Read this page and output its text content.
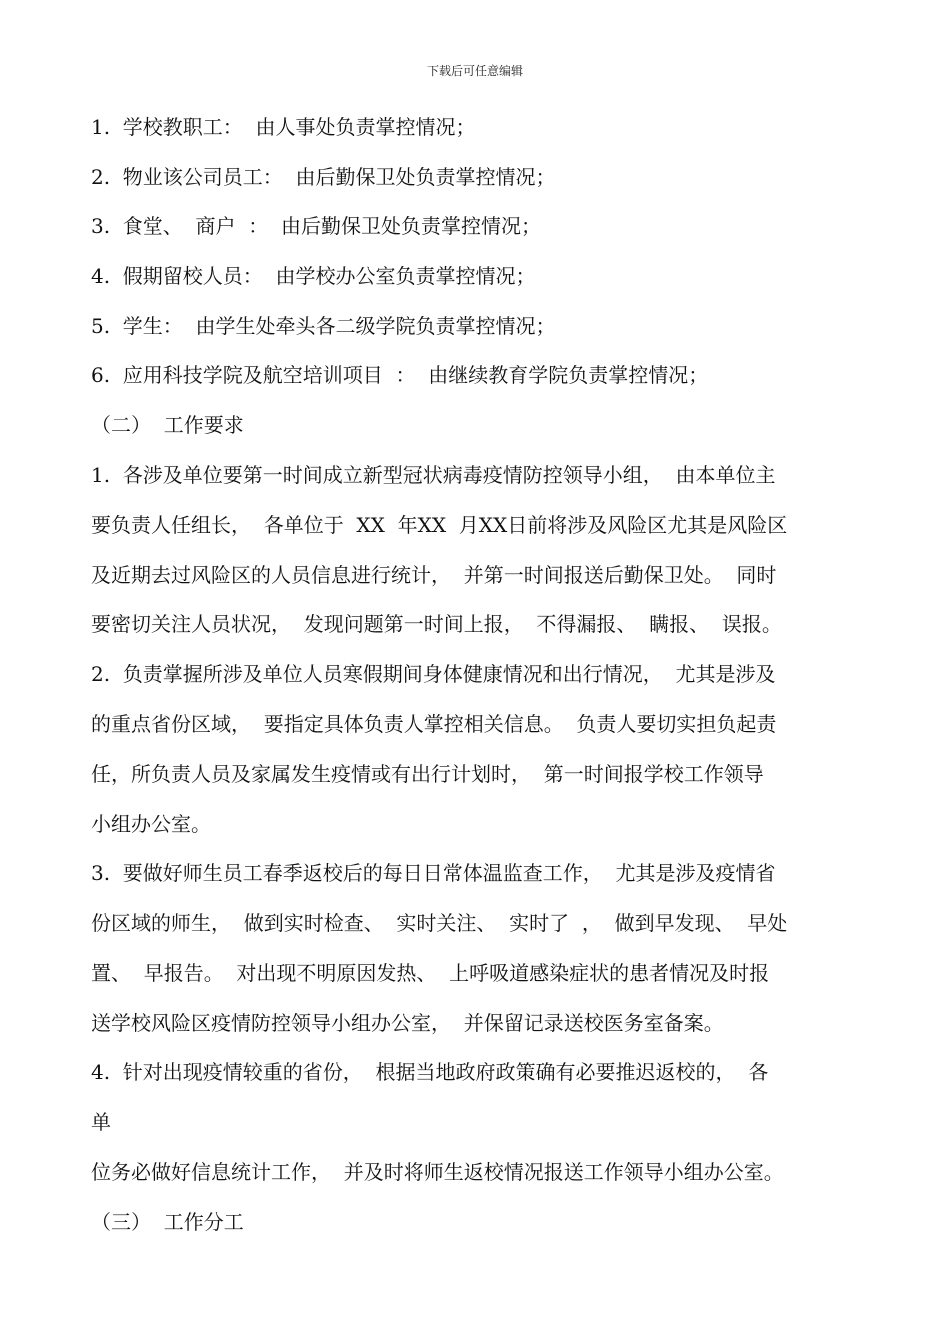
下载后可任意编辑
1.  学校教职工：  由人事处负责掌控情况；
2.  物业该公司员工：  由后勤保卫处负责掌控情况；
3.  食堂、  商户  ：  由后勤保卫处负责掌控情况；
4.  假期留校人员：  由学校办公室负责掌控情况；
5.  学生：  由学生处牵头各二级学院负责掌控情况；
6.  应用科技学院及航空培训项目  ：  由继续教育学院负责掌控情况；
（二）  工作要求
1.  各涉及单位要第一时间成立新型冠状病毒疫情防控领导小组，  由本单位主
要负责人任组长，  各单位于  XX  年XX  月XX日前将涉及风险区尤其是风险区
及近期去过风险区的人员信息进行统计，  并第一时间报送后勤保卫处。  同时
要密切关注人员状况，  发现问题第一时间上报，  不得漏报、  瞒报、  误报。
2.  负责掌握所涉及单位人员寒假期间身体健康情况和出行情况，  尤其是涉及
的重点省份区域，  要指定具体负责人掌控相关信息。  负责人要切实担负起责
任，所负责人员及家属发生疫情或有出行计划时，  第一时间报学校工作领导
小组办公室。
3.  要做好师生员工春季返校后的每日日常体温监查工作，  尤其是涉及疫情省
份区域的师生，  做到实时检查、  实时关注、  实时了  ，  做到早发现、  早处
置、  早报告。  对出现不明原因发热、  上呼吸道感染症状的患者情况及时报
送学校风险区疫情防控领导小组办公室，  并保留记录送校医务室备案。
4.  针对出现疫情较重的省份，  根据当地政府政策确有必要推迟返校的，  各
单
位务必做好信息统计工作，  并及时将师生返校情况报送工作领导小组办公室。
（三）  工作分工
